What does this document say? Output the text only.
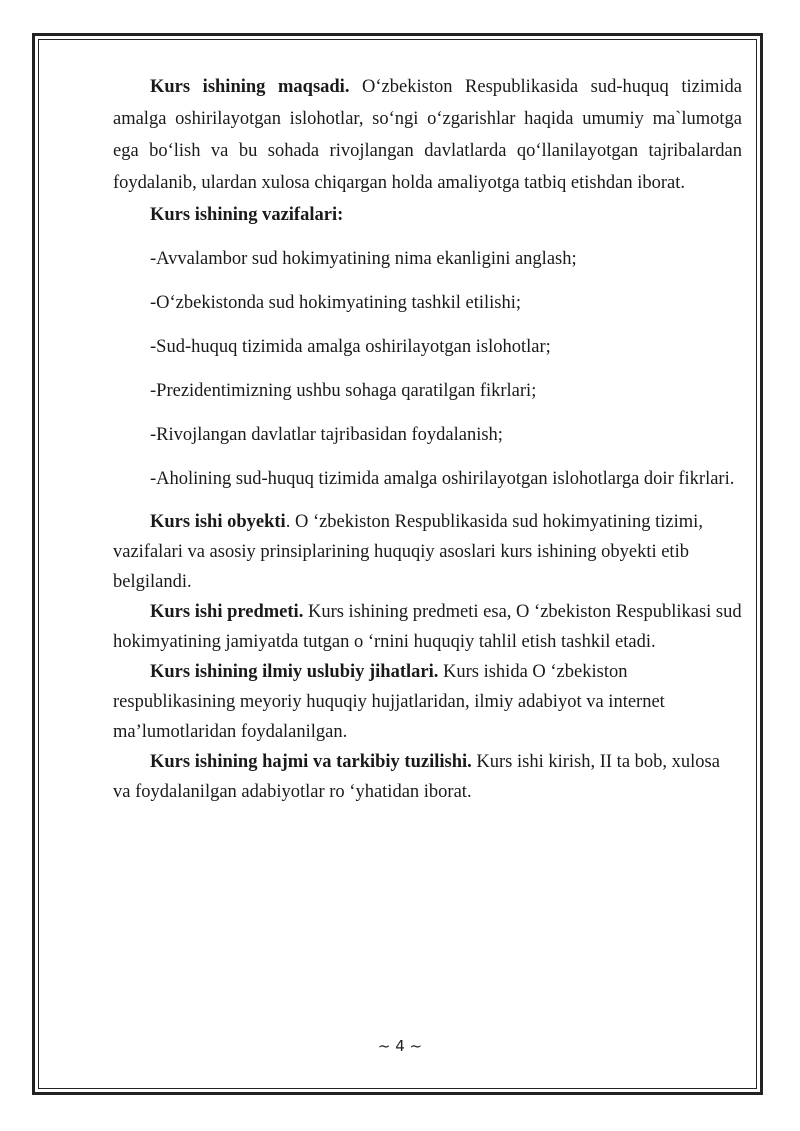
Kurs ishining maqsadi. O‘zbekiston Respublikasida sud-huquq tizimida amalga oshirilayotgan islohotlar, so‘ngi o‘zgarishlar haqida umumiy ma`lumotga ega bo‘lish va bu sohada rivojlangan davlatlarda qo‘llanilayotgan tajribalardan foydalanib, ulardan xulosa chiqargan holda amaliyotga tatbiq etishdan iborat.

Kurs ishining vazifalari:

-Avvalambor sud hokimyatining nima ekanligini anglash;

-O‘zbekistonda sud hokimyatining tashkil etilishi;

-Sud-huquq tizimida amalga oshirilayotgan islohotlar;

-Prezidentimizning ushbu sohaga qaratilgan fikrlari;

-Rivojlangan davlatlar tajribasidan foydalanish;

-Aholining sud-huquq tizimida amalga oshirilayotgan islohotlarga doir fikrlari.

Kurs ishi obyekti. O ‘zbekiston Respublikasida sud hokimyatining tizimi, vazifalari va asosiy prinsiplarining huquqiy asoslari kurs ishining obyekti etib belgilandi.

Kurs ishi predmeti. Kurs ishining predmeti esa, O ‘zbekiston Respublikasi sud hokimyatining jamiyatda tutgan o ‘rnini huquqiy tahlil etish tashkil etadi.

Kurs ishining ilmiy uslubiy jihatlari. Kurs ishida O ‘zbekiston respublikasining meyoriy huquqiy hujjatlaridan, ilmiy adabiyot va internet ma’lumotlaridan foydalanilgan.

Kurs ishining hajmi va tarkibiy tuzilishi. Kurs ishi kirish, II ta bob, xulosa va foydalanilgan adabiyotlar ro ‘yhatidan iborat.

~ 4 ~
